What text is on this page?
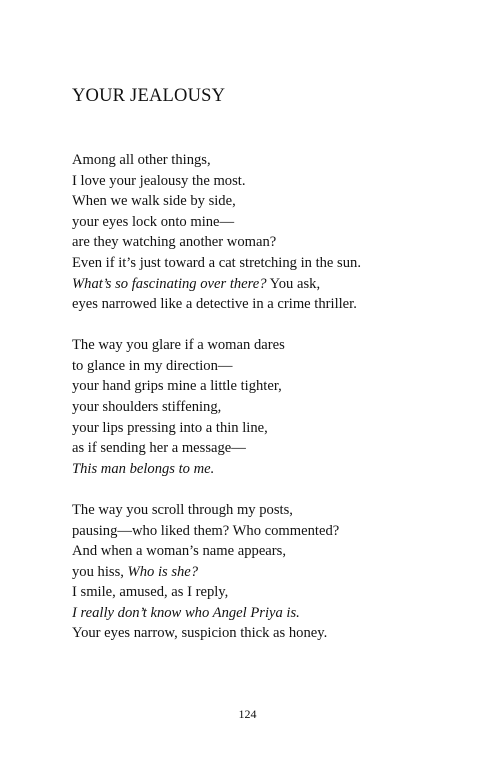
YOUR JEALOUSY
Among all other things,
I love your jealousy the most.
When we walk side by side,
your eyes lock onto mine—
are they watching another woman?
Even if it’s just toward a cat stretching in the sun.
What’s so fascinating over there? You ask,
eyes narrowed like a detective in a crime thriller.
The way you glare if a woman dares
to glance in my direction—
your hand grips mine a little tighter,
your shoulders stiffening,
your lips pressing into a thin line,
as if sending her a message—
This man belongs to me.
The way you scroll through my posts,
pausing—who liked them? Who commented?
And when a woman’s name appears,
you hiss, Who is she?
I smile, amused, as I reply,
I really don’t know who Angel Priya is.
Your eyes narrow, suspicion thick as honey.
124
